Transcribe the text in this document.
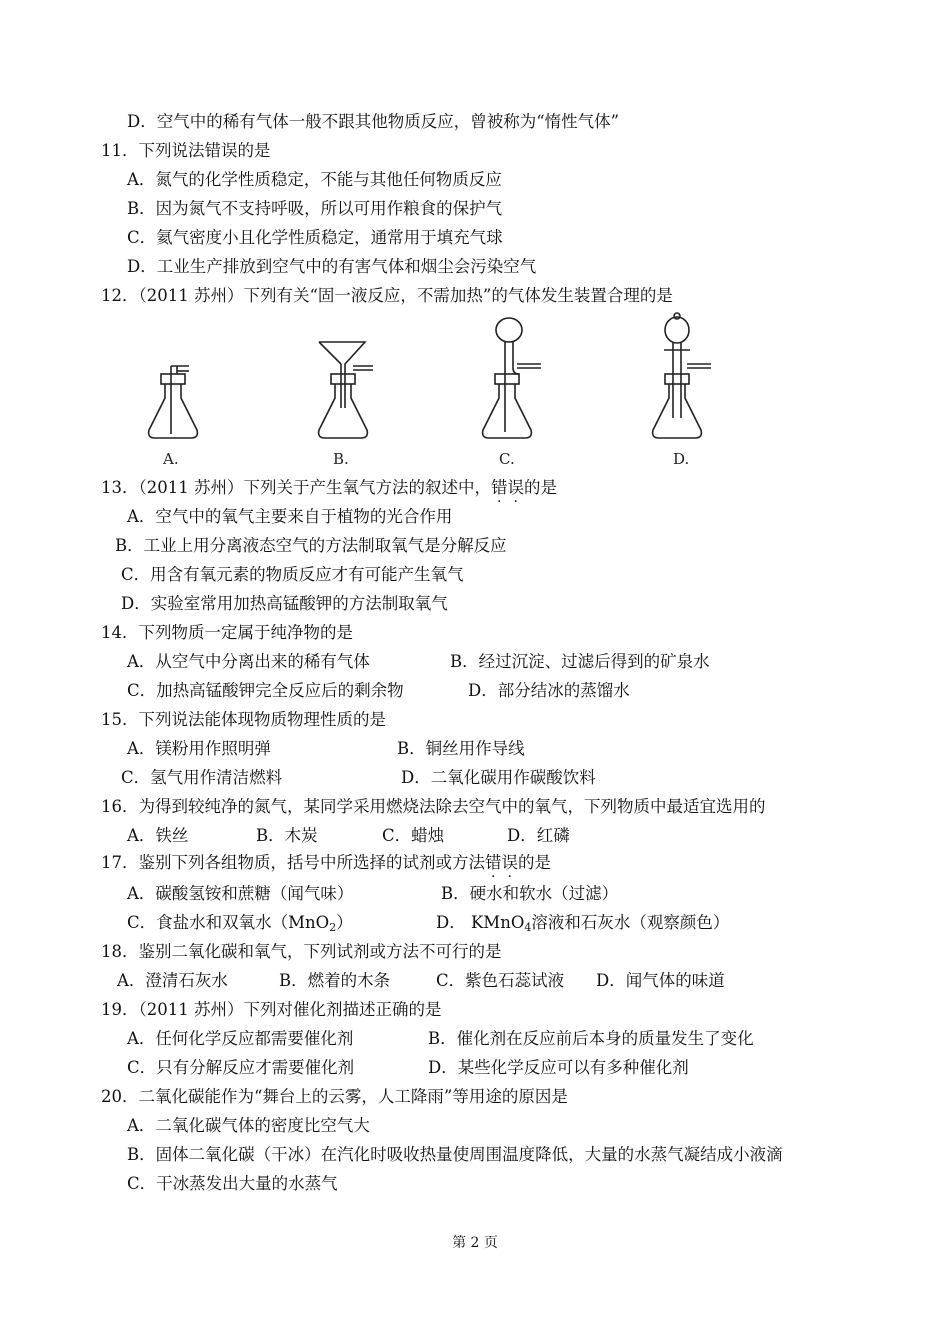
D．空气中的稀有气体一般不跟其他物质反应，曾被称为“惰性气体”
11．下列说法错误的是
A．氮气的化学性质稳定，不能与其他任何物质反应
B．因为氮气不支持呼吸，所以可用作粮食的保护气
C．氦气密度小且化学性质稳定，通常用于填充气球
D．工业生产排放到空气中的有害气体和烟尘会污染空气
12．（2011 苏州）下列有关“固一液反应，不需加热”的气体发生装置合理的是
A.	B.	C.	D.
13．（2011 苏州）下列关于产生氧气方法的叙述中，错误的是
A．空气中的氧气主要来自于植物的光合作用
B．工业上用分离液态空气的方法制取氧气是分解反应
C．用含有氧元素的物质反应才有可能产生氧气
D．实验室常用加热高锰酸钾的方法制取氧气
14．下列物质一定属于纯净物的是
A．从空气中分离出来的稀有气体	B．经过沉淀、过滤后得到的矿泉水
C．加热高锰酸钾完全反应后的剩余物	D．部分结冰的蒸馏水
15．下列说法能体现物质物理性质的是
A．镁粉用作照明弹	B．铜丝用作导线
C．氢气用作清洁燃料	D．二氧化碳用作碳酸饮料
16．为得到较纯净的氮气，某同学采用燃烧法除去空气中的氧气，下列物质中最适宜选用的
A．铁丝	B．木炭	C．蜡烛	D．红磷
17．鉴别下列各组物质，括号中所选择的试剂或方法错误的是
A．碳酸氢铵和蔗糖（闻气味）	B．硬水和软水（过滤）
C．食盐水和双氧水（MnO$_2$）	D． KMnO$_4$溶液和石灰水（观察颜色）
18．鉴别二氧化碳和氧气，下列试剂或方法不可行的是
A．澄清石灰水	B．燃着的木条	C．紫色石蕊试液 D．闻气体的味道
19．（2011 苏州）下列对催化剂描述正确的是
A．任何化学反应都需要催化剂	B．催化剂在反应前后本身的质量发生了变化
C．只有分解反应才需要催化剂	D．某些化学反应可以有多种催化剂
20．二氧化碳能作为“舞台上的云雾，人工降雨”等用途的原因是
A．二氧化碳气体的密度比空气大
B．固体二氧化碳（干冰）在汽化时吸收热量使周围温度降低，大量的水蒸气凝结成小液滴
C．干冰蒸发出大量的水蒸气
第 2 页
